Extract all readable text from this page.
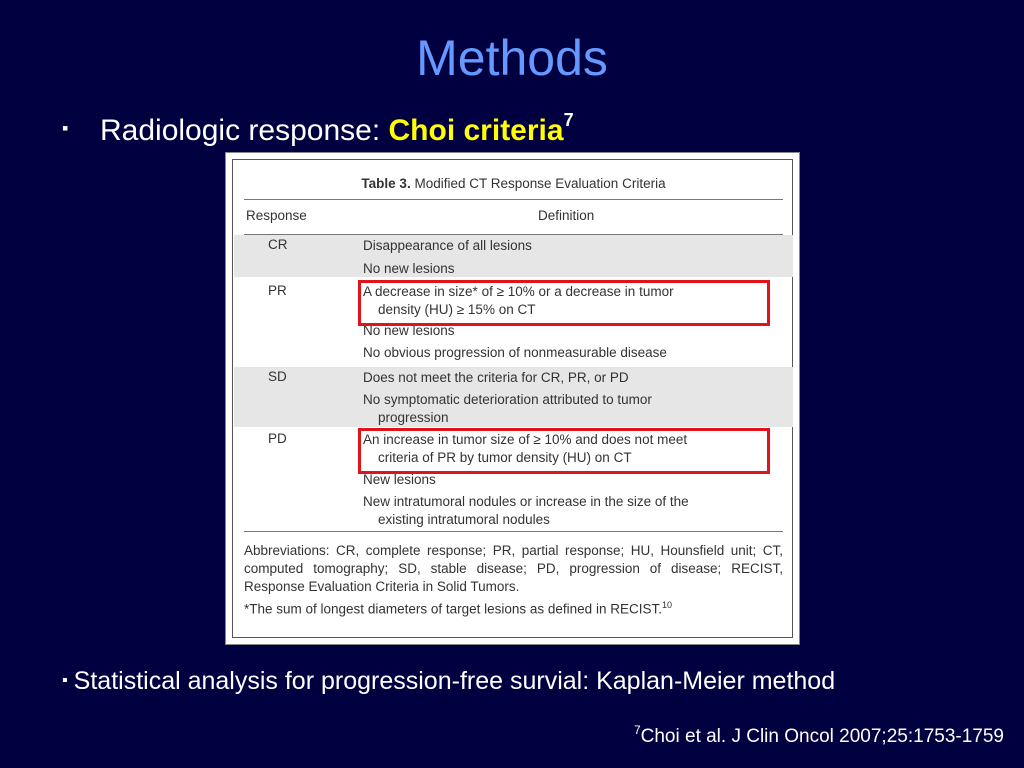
Methods
▪ Radiologic response: Choi criteria$^7$
Table 3. Modified CT Response Evaluation Criteria
Response	Definition
CR	Disappearance of all lesions
No new lesions
PR	A decrease in size* of ≥ 10% or a decrease in tumor
density (HU) ≥ 15% on CT
No new lesions
No obvious progression of nonmeasurable disease
SD	Does not meet the criteria for CR, PR, or PD
No symptomatic deterioration attributed to tumor
progression
PD	An increase in tumor size of ≥ 10% and does not meet
criteria of PR by tumor density (HU) on CT
New lesions
New intratumoral nodules or increase in the size of the
existing intratumoral nodules
Abbreviations: CR, complete response; PR, partial response; HU, Hounsfield unit; CT, computed tomography; SD, stable disease; PD, progression of disease; RECIST, Response Evaluation Criteria in Solid Tumors.
*The sum of longest diameters of target lesions as defined in RECIST.$^{10}$
▪ Statistical analysis for progression-free survial: Kaplan-Meier method
$^7$Choi et al. J Clin Oncol 2007;25:1753-1759
